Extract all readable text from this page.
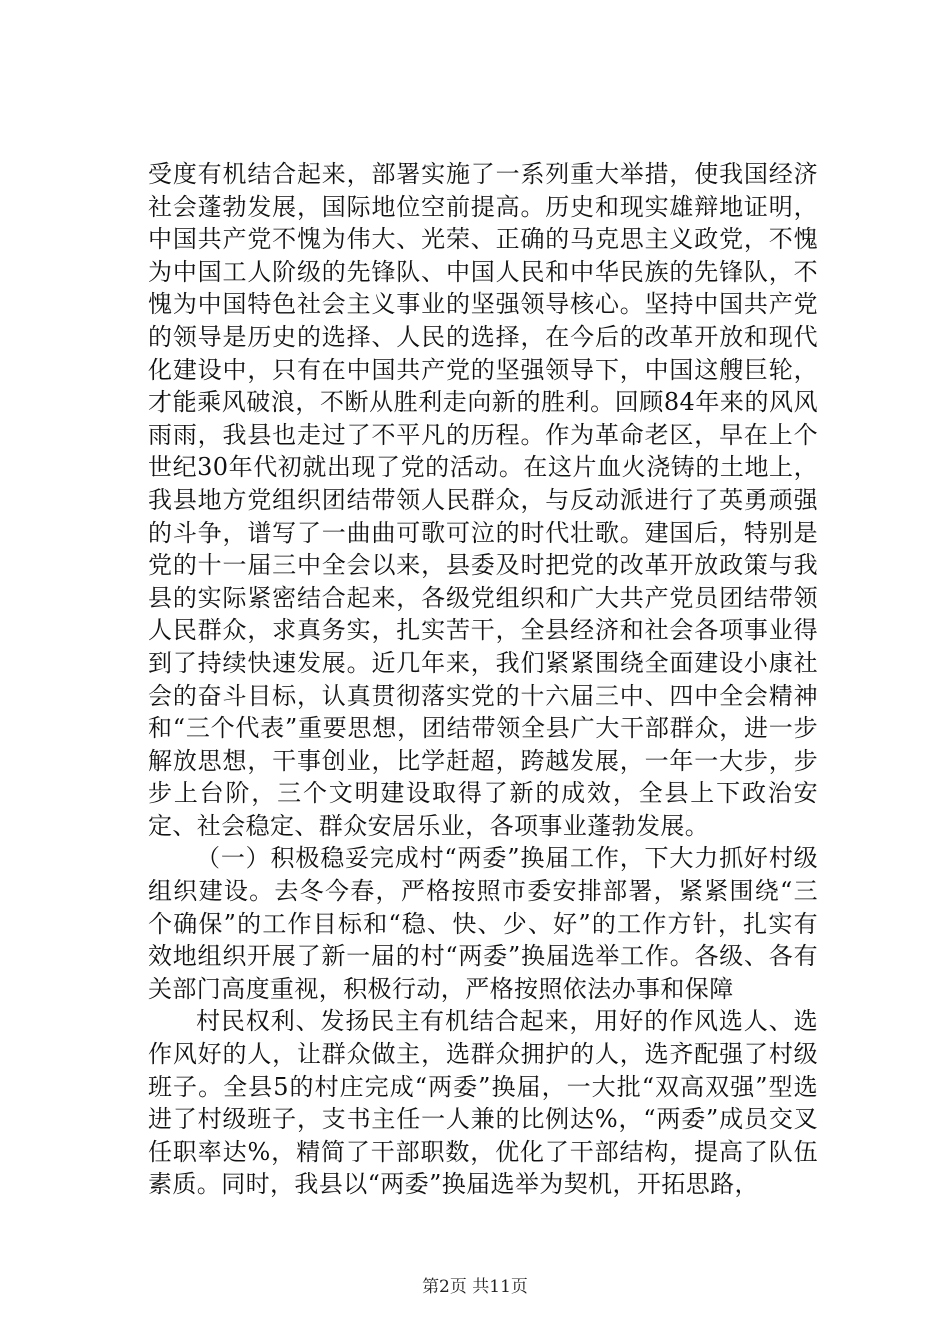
受度有机结合起来，部署实施了一系列重大举措，使我国经济社会蓬勃发展，国际地位空前提高。历史和现实雄辩地证明，中国共产党不愧为伟大、光荣、正确的马克思主义政党，不愧为中国工人阶级的先锋队、中国人民和中华民族的先锋队，不愧为中国特色社会主义事业的坚强领导核心。坚持中国共产党的领导是历史的选择、人民的选择，在今后的改革开放和现代化建设中，只有在中国共产党的坚强领导下，中国这艘巨轮，才能乘风破浪，不断从胜利走向新的胜利。回顾84年来的风风雨雨，我县也走过了不平凡的历程。作为革命老区，早在上个世纪30年代初就出现了党的活动。在这片血火浇铸的土地上，我县地方党组织团结带领人民群众，与反动派进行了英勇顽强的斗争，谱写了一曲曲可歌可泣的时代壮歌。建国后，特别是党的十一届三中全会以来，县委及时把党的改革开放政策与我县的实际紧密结合起来，各级党组织和广大共产党员团结带领人民群众，求真务实，扎实苦干，全县经济和社会各项事业得到了持续快速发展。近几年来，我们紧紧围绕全面建设小康社会的奋斗目标，认真贯彻落实党的十六届三中、四中全会精神和“三个代表”重要思想，团结带领全县广大干部群众，进一步解放思想，干事创业，比学赶超，跨越发展，一年一大步，步步上台阶，三个文明建设取得了新的成效，全县上下政治安定、社会稳定、群众安居乐业，各项事业蓬勃发展。

（一）积极稳妥完成村“两委”换届工作，下大力抓好村级组织建设。去冬今春，严格按照市委安排部署，紧紧围绕“三个确保”的工作目标和“稳、快、少、好”的工作方针，扎实有效地组织开展了新一届的村“两委”换届选举工作。各级、各有关部门高度重视，积极行动，严格按照依法办事和保障

村民权利、发扬民主有机结合起来，用好的作风选人、选作风好的人，让群众做主，选群众拥护的人，选齐配强了村级班子。全县5的村庄完成“两委”换届，一大批“双高双强”型选进了村级班子，支书主任一人兼的比例达%，“两委”成员交叉任职率达%，精简了干部职数，优化了干部结构，提高了队伍素质。同时，我县以“两委”换届选举为契机，开拓思路，

第2页 共11页
